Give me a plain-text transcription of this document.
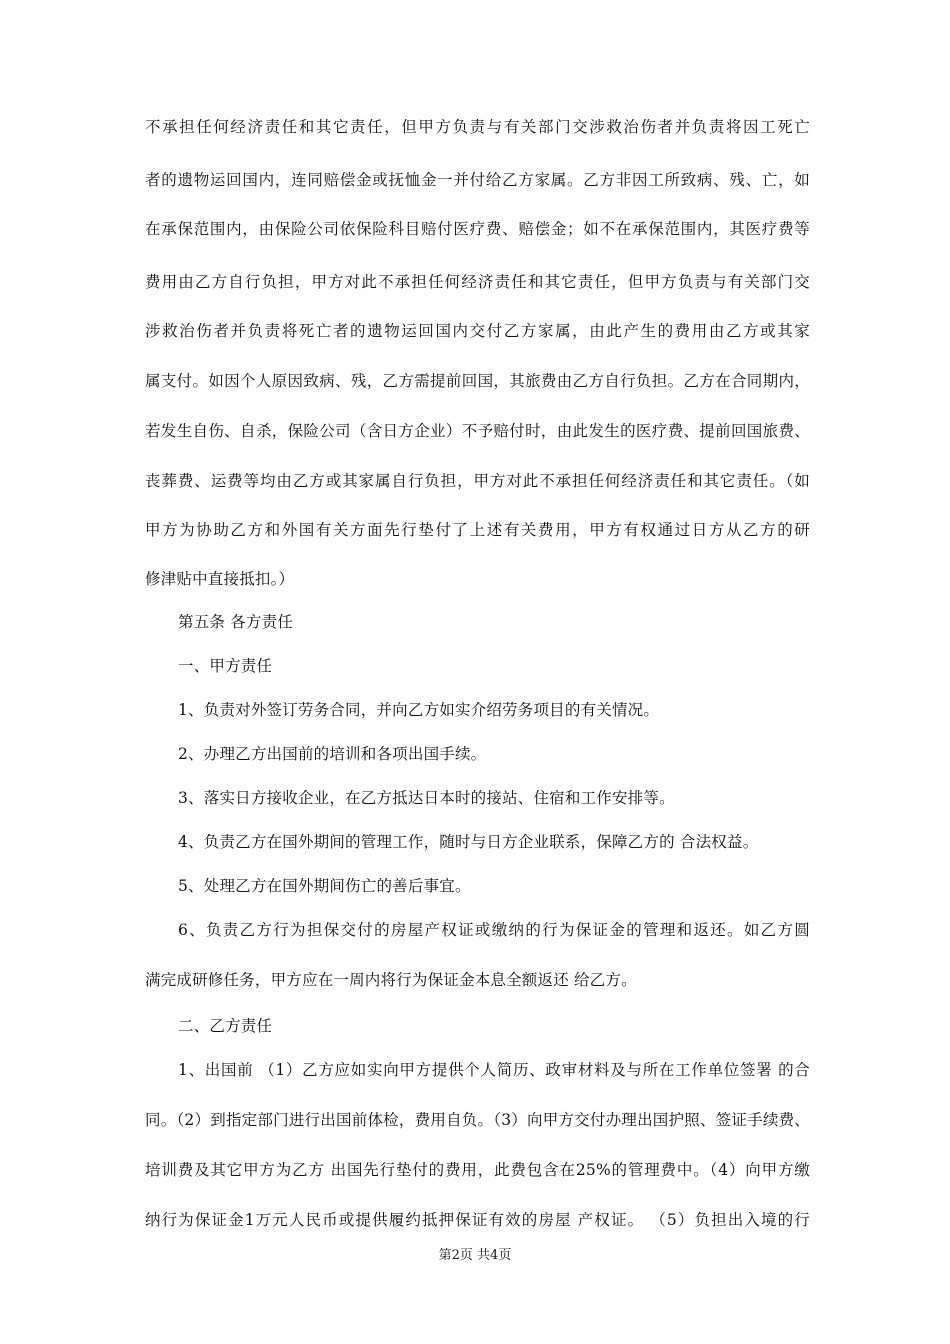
不承担任何经济责任和其它责任，但甲方负责与有关部门交涉救治伤者并负责将因工死亡
者的遗物运回国内，连同赔偿金或抚恤金一并付给乙方家属。乙方非因工所致病、残、亡，如
在承保范围内，由保险公司依保险科目赔付医疗费、赔偿金；如不在承保范围内，其医疗费等
费用由乙方自行负担，甲方对此不承担任何经济责任和其它责任，但甲方负责与有关部门交
涉救治伤者并负责将死亡者的遗物运回国内交付乙方家属，由此产生的费用由乙方或其家
属支付。如因个人原因致病、残，乙方需提前回国，其旅费由乙方自行负担。乙方在合同期内，
若发生自伤、自杀，保险公司（含日方企业）不予赔付时，由此发生的医疗费、提前回国旅费、
丧葬费、运费等均由乙方或其家属自行负担，甲方对此不承担任何经济责任和其它责任。（如
甲方为协助乙方和外国有关方面先行垫付了上述有关费用，甲方有权通过日方从乙方的研
修津贴中直接抵扣。）
第五条 各方责任
一、甲方责任
1、负责对外签订劳务合同，并向乙方如实介绍劳务项目的有关情况。
2、办理乙方出国前的培训和各项出国手续。
3、落实日方接收企业，在乙方抵达日本时的接站、住宿和工作安排等。
4、负责乙方在国外期间的管理工作，随时与日方企业联系，保障乙方的 合法权益。
5、处理乙方在国外期间伤亡的善后事宜。
6、负责乙方行为担保交付的房屋产权证或缴纳的行为保证金的管理和返还。如乙方圆
满完成研修任务，甲方应在一周内将行为保证金本息全额返还 给乙方。
二、乙方责任
1、出国前 （1）乙方应如实向甲方提供个人简历、政审材料及与所在工作单位签署 的合
同。（2）到指定部门进行出国前体检，费用自负。（3）向甲方交付办理出国护照、签证手续费、
培训费及其它甲方为乙方 出国先行垫付的费用，此费包含在25%的管理费中。（4）向甲方缴
纳行为保证金1万元人民币或提供履约抵押保证有效的房屋 产权证。 （5）负担出入境的行
第2页 共4页
